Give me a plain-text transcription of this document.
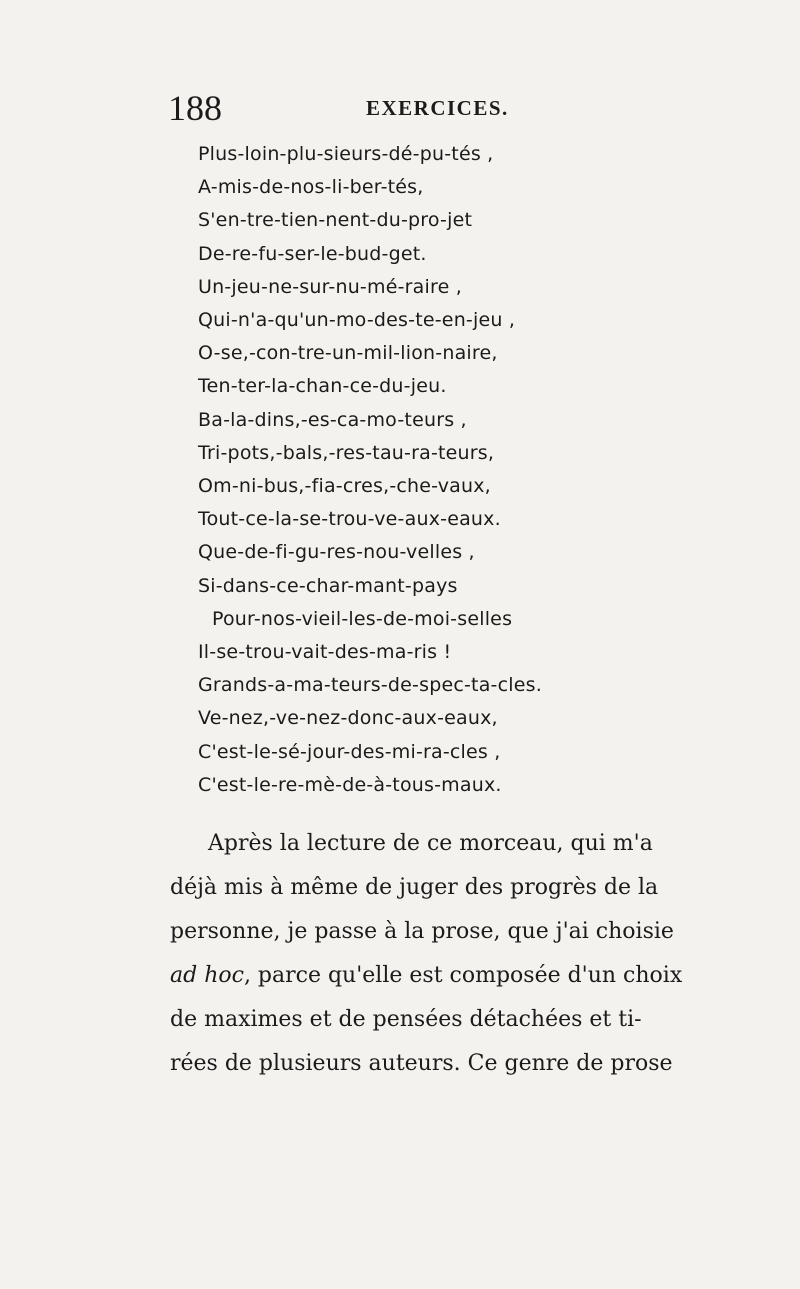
188	EXERCICES.
Plus-loin-plu-sieurs-dé-pu-tés ,
A-mis-de-nos-li-ber-tés,
S'en-tre-tien-nent-du-pro-jet
De-re-fu-ser-le-bud-get.
Un-jeu-ne-sur-nu-mé-raire ,
Qui-n'a-qu'un-mo-des-te-en-jeu ,
O-se,-con-tre-un-mil-lion-naire,
Ten-ter-la-chan-ce-du-jeu.
Ba-la-dins,-es-ca-mo-teurs ,
Tri-pots,-bals,-res-tau-ra-teurs,
Om-ni-bus,-fia-cres,-che-vaux,
Tout-ce-la-se-trou-ve-aux-eaux.
Que-de-fi-gu-res-nou-velles ,
Si-dans-ce-char-mant-pays
Pour-nos-vieil-les-de-moi-selles
Il-se-trou-vait-des-ma-ris !
Grands-a-ma-teurs-de-spec-ta-cles.
Ve-nez,-ve-nez-donc-aux-eaux,
C'est-le-sé-jour-des-mi-ra-cles ,
C'est-le-re-mè-de-à-tous-maux.

Après la lecture de ce morceau, qui m'a
déjà mis à même de juger des progrès de la
personne, je passe à la prose, que j'ai choisie
ad hoc, parce qu'elle est composée d'un choix
de maximes et de pensées détachées et ti-
rées de plusieurs auteurs. Ce genre de prose
